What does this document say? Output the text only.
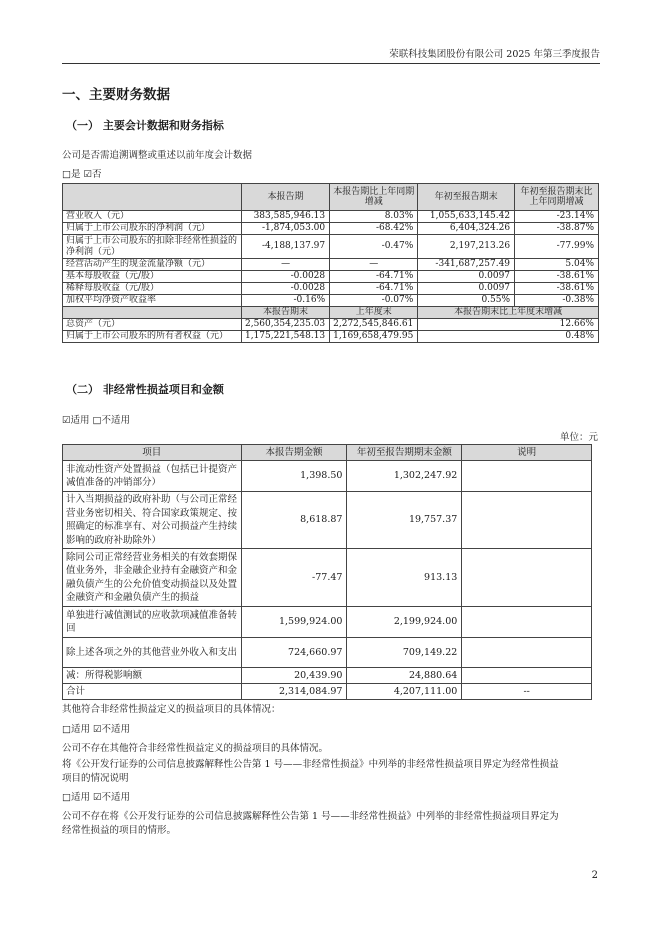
荣联科技集团股份有限公司 2025 年第三季度报告
一、主要财务数据
（一） 主要会计数据和财务指标
公司是否需追溯调整或重述以前年度会计数据
□是 ☑否
	本报告期	本报告期比上年同期增减	年初至报告期末	年初至报告期末比上年同期增减
营业收入（元）	383,585,946.13	8.03%	1,055,633,145.42	-23.14%
归属于上市公司股东的净利润（元）	-1,874,053.00	-68.42%	6,404,324.26	-38.87%
归属于上市公司股东的扣除非经常性损益的净利润（元）	-4,188,137.97	-0.47%	2,197,213.26	-77.99%
经营活动产生的现金流量净额（元）	—	—	-341,687,257.49	5.04%
基本每股收益（元/股）	-0.0028	-64.71%	0.0097	-38.61%
稀释每股收益（元/股）	-0.0028	-64.71%	0.0097	-38.61%
加权平均净资产收益率	-0.16%	-0.07%	0.55%	-0.38%
	本报告期末	上年度末	本报告期末比上年度末增减	
总资产（元）	2,560,354,235.03	2,272,545,846.61	12.66%	
归属于上市公司股东的所有者权益（元）	1,175,221,548.13	1,169,658,479.95	0.48%	
（二） 非经常性损益项目和金额
☑适用 □不适用
单位：元
项目	本报告期金额	年初至报告期期末金额	说明
非流动性资产处置损益（包括已计提资产减值准备的冲销部分）	1,398.50	1,302,247.92	
计入当期损益的政府补助（与公司正常经营业务密切相关、符合国家政策规定、按照确定的标准享有、对公司损益产生持续影响的政府补助除外）	8,618.87	19,757.37	
除同公司正常经营业务相关的有效套期保值业务外，非金融企业持有金融资产和金融负债产生的公允价值变动损益以及处置金融资产和金融负债产生的损益	-77.47	913.13	
单独进行减值测试的应收款项减值准备转回	1,599,924.00	2,199,924.00	
除上述各项之外的其他营业外收入和支出	724,660.97	709,149.22	
减：所得税影响额	20,439.90	24,880.64	
合计	2,314,084.97	4,207,111.00	--
其他符合非经常性损益定义的损益项目的具体情况：
□适用 ☑不适用
公司不存在其他符合非经常性损益定义的损益项目的具体情况。
将《公开发行证券的公司信息披露解释性公告第 1 号——非经常性损益》中列举的非经常性损益项目界定为经常性损益
项目的情况说明
□适用 ☑不适用
公司不存在将《公开发行证券的公司信息披露解释性公告第 1 号——非经常性损益》中列举的非经常性损益项目界定为
经常性损益的项目的情形。
2
